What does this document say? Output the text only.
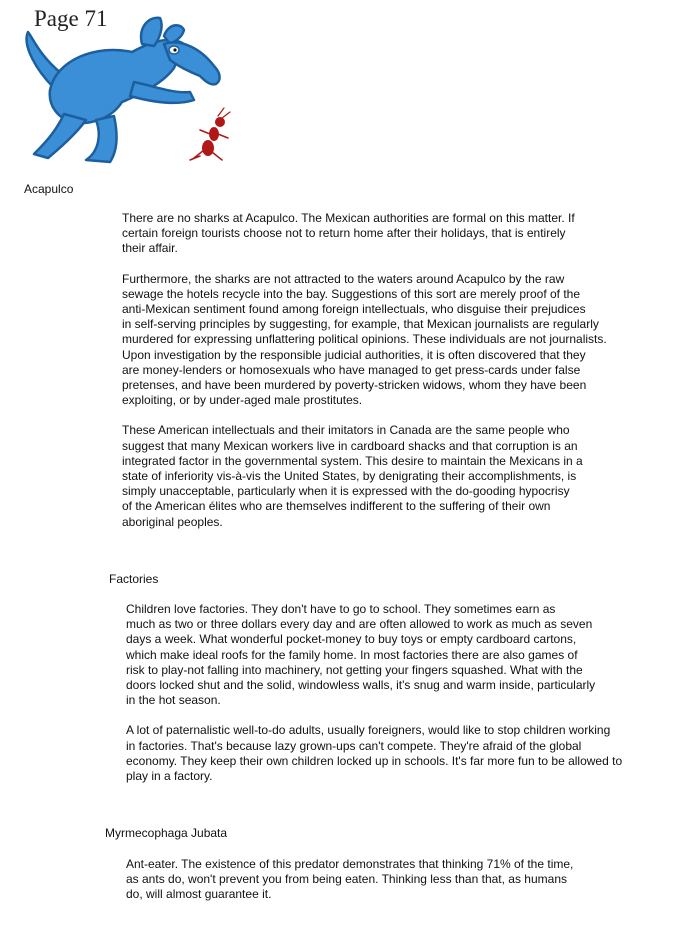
Page 71
Acapulco

There are no sharks at Acapulco. The Mexican authorities are formal on this matter. If
certain foreign tourists choose not to return home after their holidays, that is entirely
their affair.

Furthermore, the sharks are not attracted to the waters around Acapulco by the raw
sewage the hotels recycle into the bay. Suggestions of this sort are merely proof of the
anti-Mexican sentiment found among foreign intellectuals, who disguise their prejudices
in self-serving principles by suggesting, for example, that Mexican journalists are regularly
murdered for expressing unflattering political opinions. These individuals are not journalists.
Upon investigation by the responsible judicial authorities, it is often discovered that they
are money-lenders or homosexuals who have managed to get press-cards under false
pretenses, and have been murdered by poverty-stricken widows, whom they have been
exploiting, or by under-aged male prostitutes.

These American intellectuals and their imitators in Canada are the same people who
suggest that many Mexican workers live in cardboard shacks and that corruption is an
integrated factor in the governmental system. This desire to maintain the Mexicans in a
state of inferiority vis-à-vis the United States, by denigrating their accomplishments, is
simply unacceptable, particularly when it is expressed with the do-gooding hypocrisy
of the American élites who are themselves indifferent to the suffering of their own
aboriginal peoples.

Factories

Children love factories. They don't have to go to school. They sometimes earn as
much as two or three dollars every day and are often allowed to work as much as seven
days a week. What wonderful pocket-money to buy toys or empty cardboard cartons,
which make ideal roofs for the family home. In most factories there are also games of
risk to play-not falling into machinery, not getting your fingers squashed. What with the
doors locked shut and the solid, windowless walls, it's snug and warm inside, particularly
in the hot season.

A lot of paternalistic well-to-do adults, usually foreigners, would like to stop children working
in factories. That's because lazy grown-ups can't compete. They're afraid of the global
economy. They keep their own children locked up in schools. It's far more fun to be allowed to
play in a factory.

Myrmecophaga Jubata

Ant-eater. The existence of this predator demonstrates that thinking 71% of the time,
as ants do, won't prevent you from being eaten. Thinking less than that, as humans
do, will almost guarantee it.
